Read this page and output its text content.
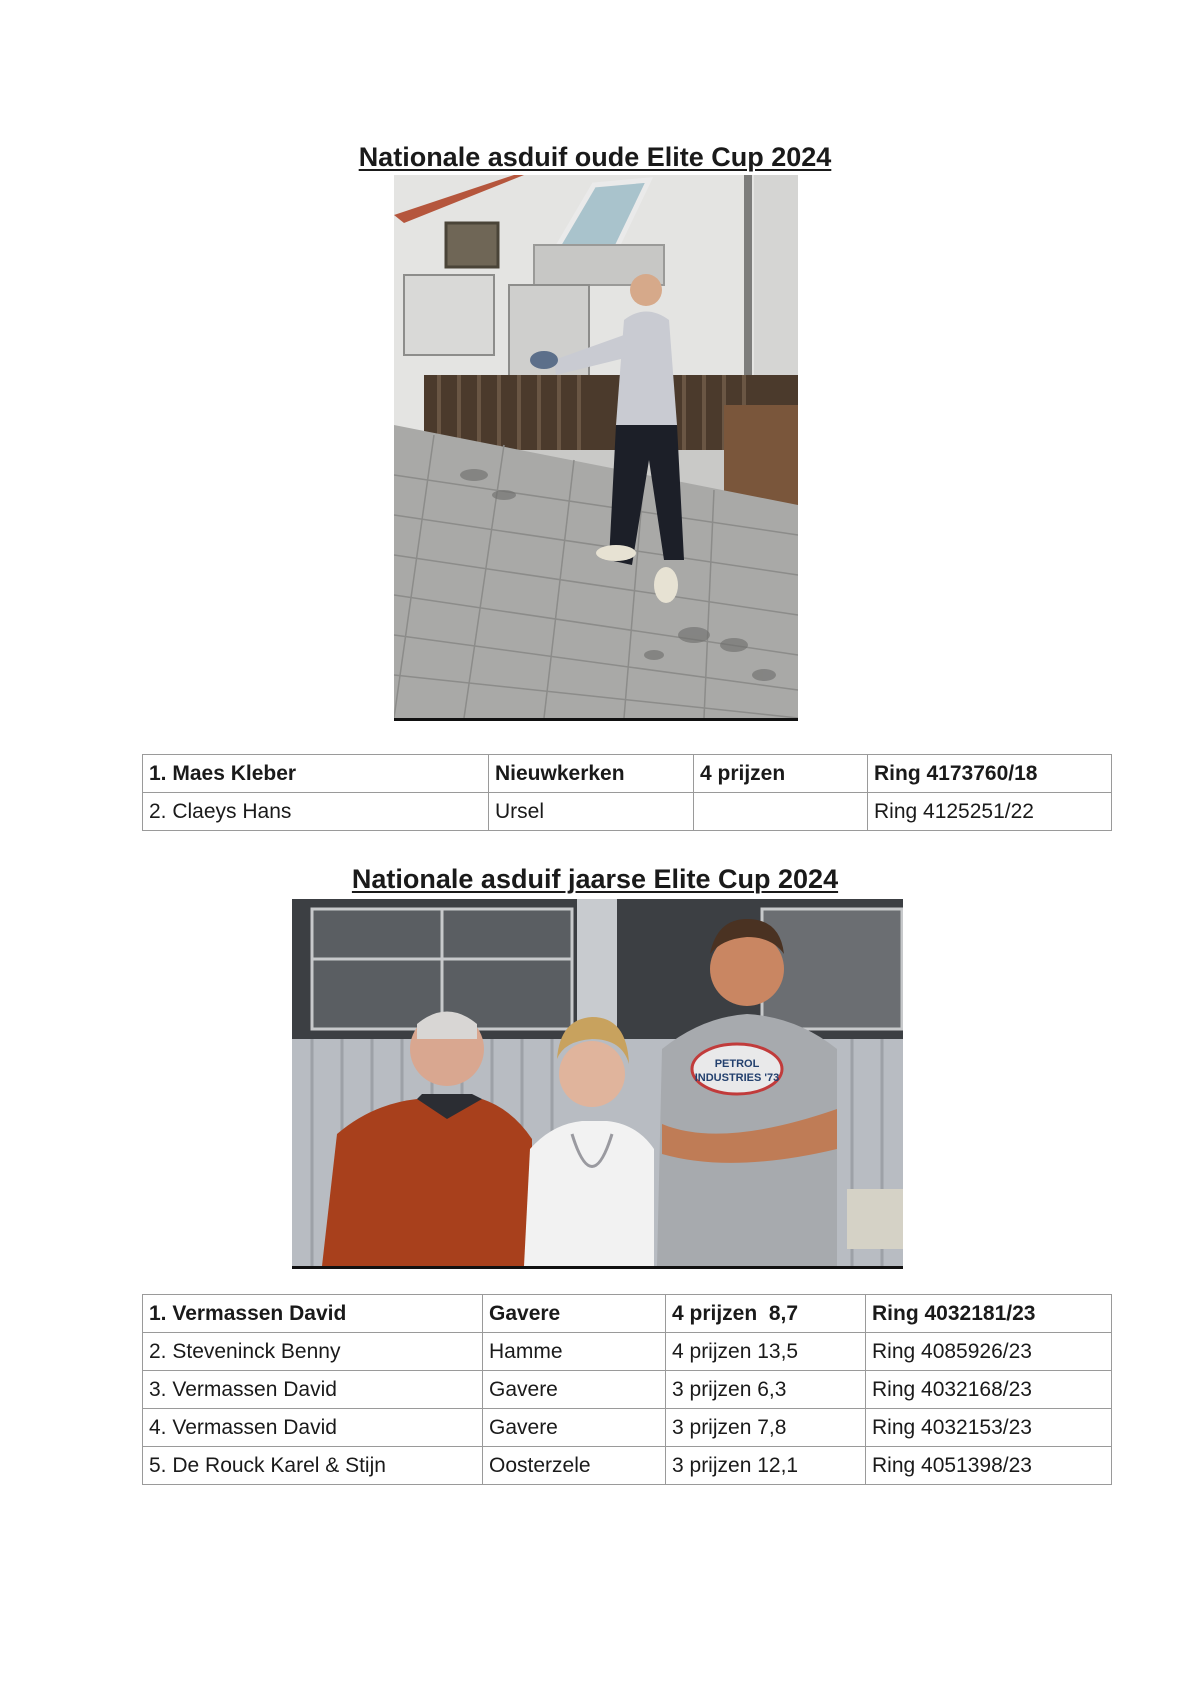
Nationale asduif oude Elite Cup 2024
1. Maes Kleber	Nieuwkerken	4 prijzen	Ring 4173760/18
2. Claeys Hans	Ursel		Ring 4125251/22
Nationale asduif jaarse Elite Cup 2024
PETROL
INDUSTRIES '73
1. Vermassen David	Gavere	4 prijzen  8,7	Ring 4032181/23
2. Steveninck Benny	Hamme	4 prijzen 13,5	Ring 4085926/23
3. Vermassen David	Gavere	3 prijzen 6,3	Ring 4032168/23
4. Vermassen David	Gavere	3 prijzen 7,8	Ring 4032153/23
5. De Rouck Karel & Stijn	Oosterzele	3 prijzen 12,1	Ring 4051398/23
